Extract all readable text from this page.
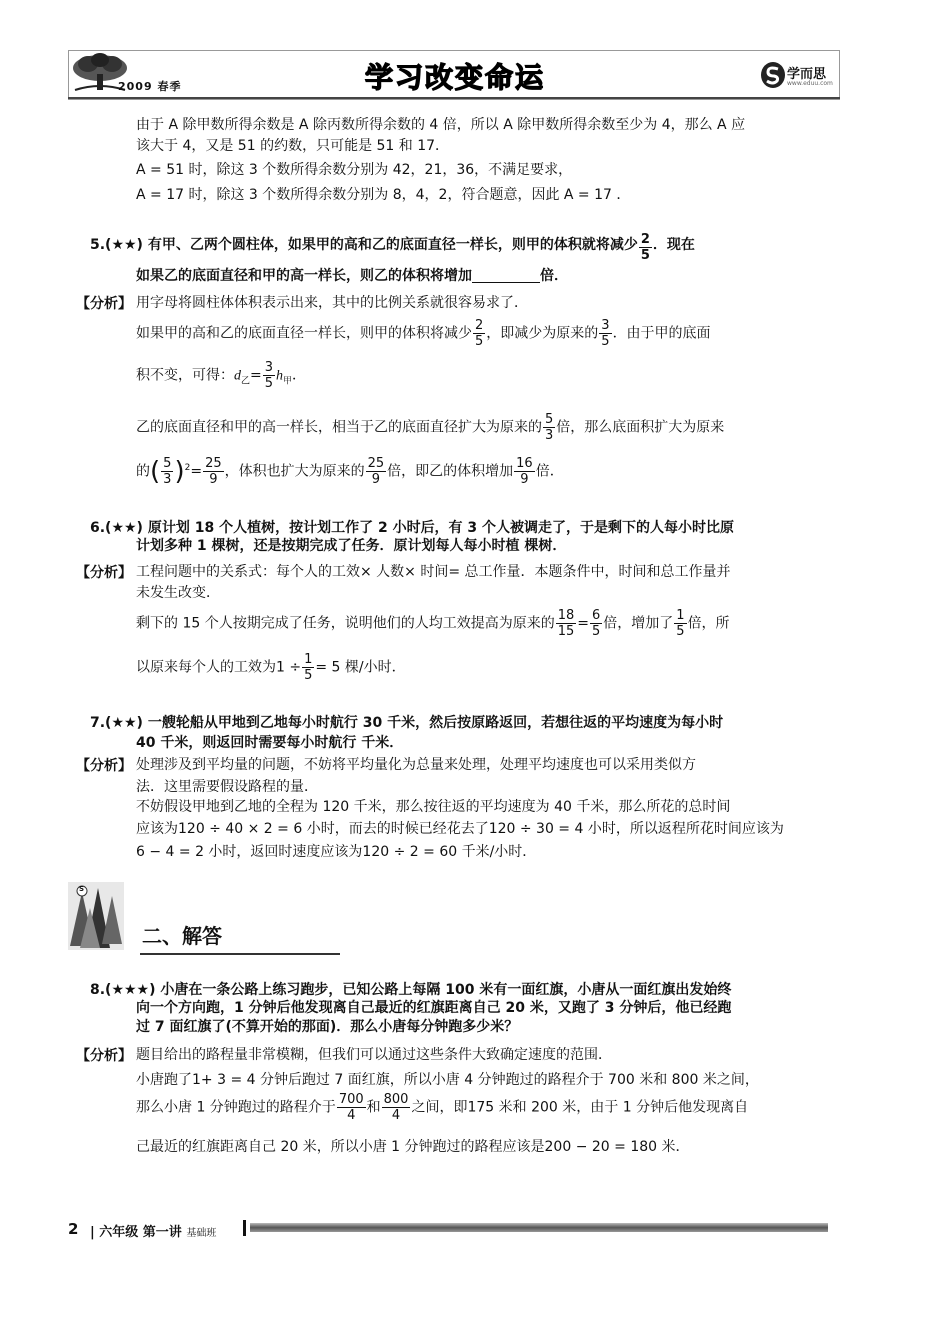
2009 春季	学习改变命运	学而思
www.eduu.com
由于 A 除甲数所得余数是 A 除丙数所得余数的 4 倍，所以 A 除甲数所得余数至少为 4，那么 A 应
该大于 4，又是 51 的约数，只可能是 51 和 17．
A = 51 时，除这 3 个数所得余数分别为 42，21，36，不满足要求，
A = 17 时，除这 3 个数所得余数分别为 8，4，2，符合题意，因此 A = 17 ．
5.(★★) 有甲、乙两个圆柱体，如果甲的高和乙的底面直径一样长，则甲的体积就将减少 $\frac{2}{5}$ ．现在
如果乙的底面直径和甲的高一样长，则乙的体积将增加	倍．
【分析】 用字母将圆柱体体积表示出来，其中的比例关系就很容易求了．
如果甲的高和乙的底面直径一样长，则甲的体积将减少 $\frac{2}{5}$ ，即减少为原来的 $\frac{3}{5}$ ．由于甲的底面
积不变，可得：$d_乙= \frac{3}{5} h_甲$．
乙的底面直径和甲的高一样长，相当于乙的底面直径扩大为原来的 $\frac{5}{3}$ 倍，那么底面积扩大为原来
的( $\frac{5}{3} )^2= \frac{25}{9}$ ，体积也扩大为原来的 $\frac{25}{9}$ 倍，即乙的体积增加 $\frac{16}{9}$ 倍．
6.(★★) 原计划 18 个人植树，按计划工作了 2 小时后，有 3 个人被调走了，于是剩下的人每小时比原
计划多种 1 棵树，还是按期完成了任务．原计划每人每小时植 棵树．
【分析】 工程问题中的关系式：每个人的工效× 人数× 时间= 总工作量．本题条件中，时间和总工作量并
未发生改变．
剩下的 15 个人按期完成了任务，说明他们的人均工效提高为原来的 $\frac{18}{15} = \frac{6}{5}$ 倍，增加了 $\frac{1}{5}$ 倍，所
以原来每个人的工效为$1 \div \frac{1}{5} = 5$ 棵/小时．
7.(★★) 一艘轮船从甲地到乙地每小时航行 30 千米，然后按原路返回，若想往返的平均速度为每小时
40 千米，则返回时需要每小时航行 千米．
【分析】 处理涉及到平均量的问题，不妨将平均量化为总量来处理，处理平均速度也可以采用类似方
法．这里需要假设路程的量．
不妨假设甲地到乙地的全程为 120 千米，那么按往返的平均速度为 40 千米，那么所花的总时间
应该为120 ÷ 40 × 2 = 6 小时，而去的时候已经花去了120 ÷ 30 = 4 小时，所以返程所花时间应该为
6 − 4 = 2 小时，返回时速度应该为120 ÷ 2 = 60 千米/小时．
S
二、解答
8.(★★★) 小唐在一条公路上练习跑步，已知公路上每隔 100 米有一面红旗，小唐从一面红旗出发始终
向一个方向跑，1 分钟后他发现离自己最近的红旗距离自己 20 米，又跑了 3 分钟后，他已经跑
过 7 面红旗了(不算开始的那面)．那么小唐每分钟跑多少米？
【分析】 题目给出的路程量非常模糊，但我们可以通过这些条件大致确定速度的范围．
小唐跑了1+ 3 = 4 分钟后跑过 7 面红旗，所以小唐 4 分钟跑过的路程介于 700 米和 800 米之间，
那么小唐 1 分钟跑过的路程介于 $\frac{700}{4}$ 和 $\frac{800}{4}$ 之间，即175 米和 200 米，由于 1 分钟后他发现离自
己最近的红旗距离自己 20 米，所以小唐 1 分钟跑过的路程应该是200 − 20 = 180 米．
2 | 六年级 第一讲 基础班
